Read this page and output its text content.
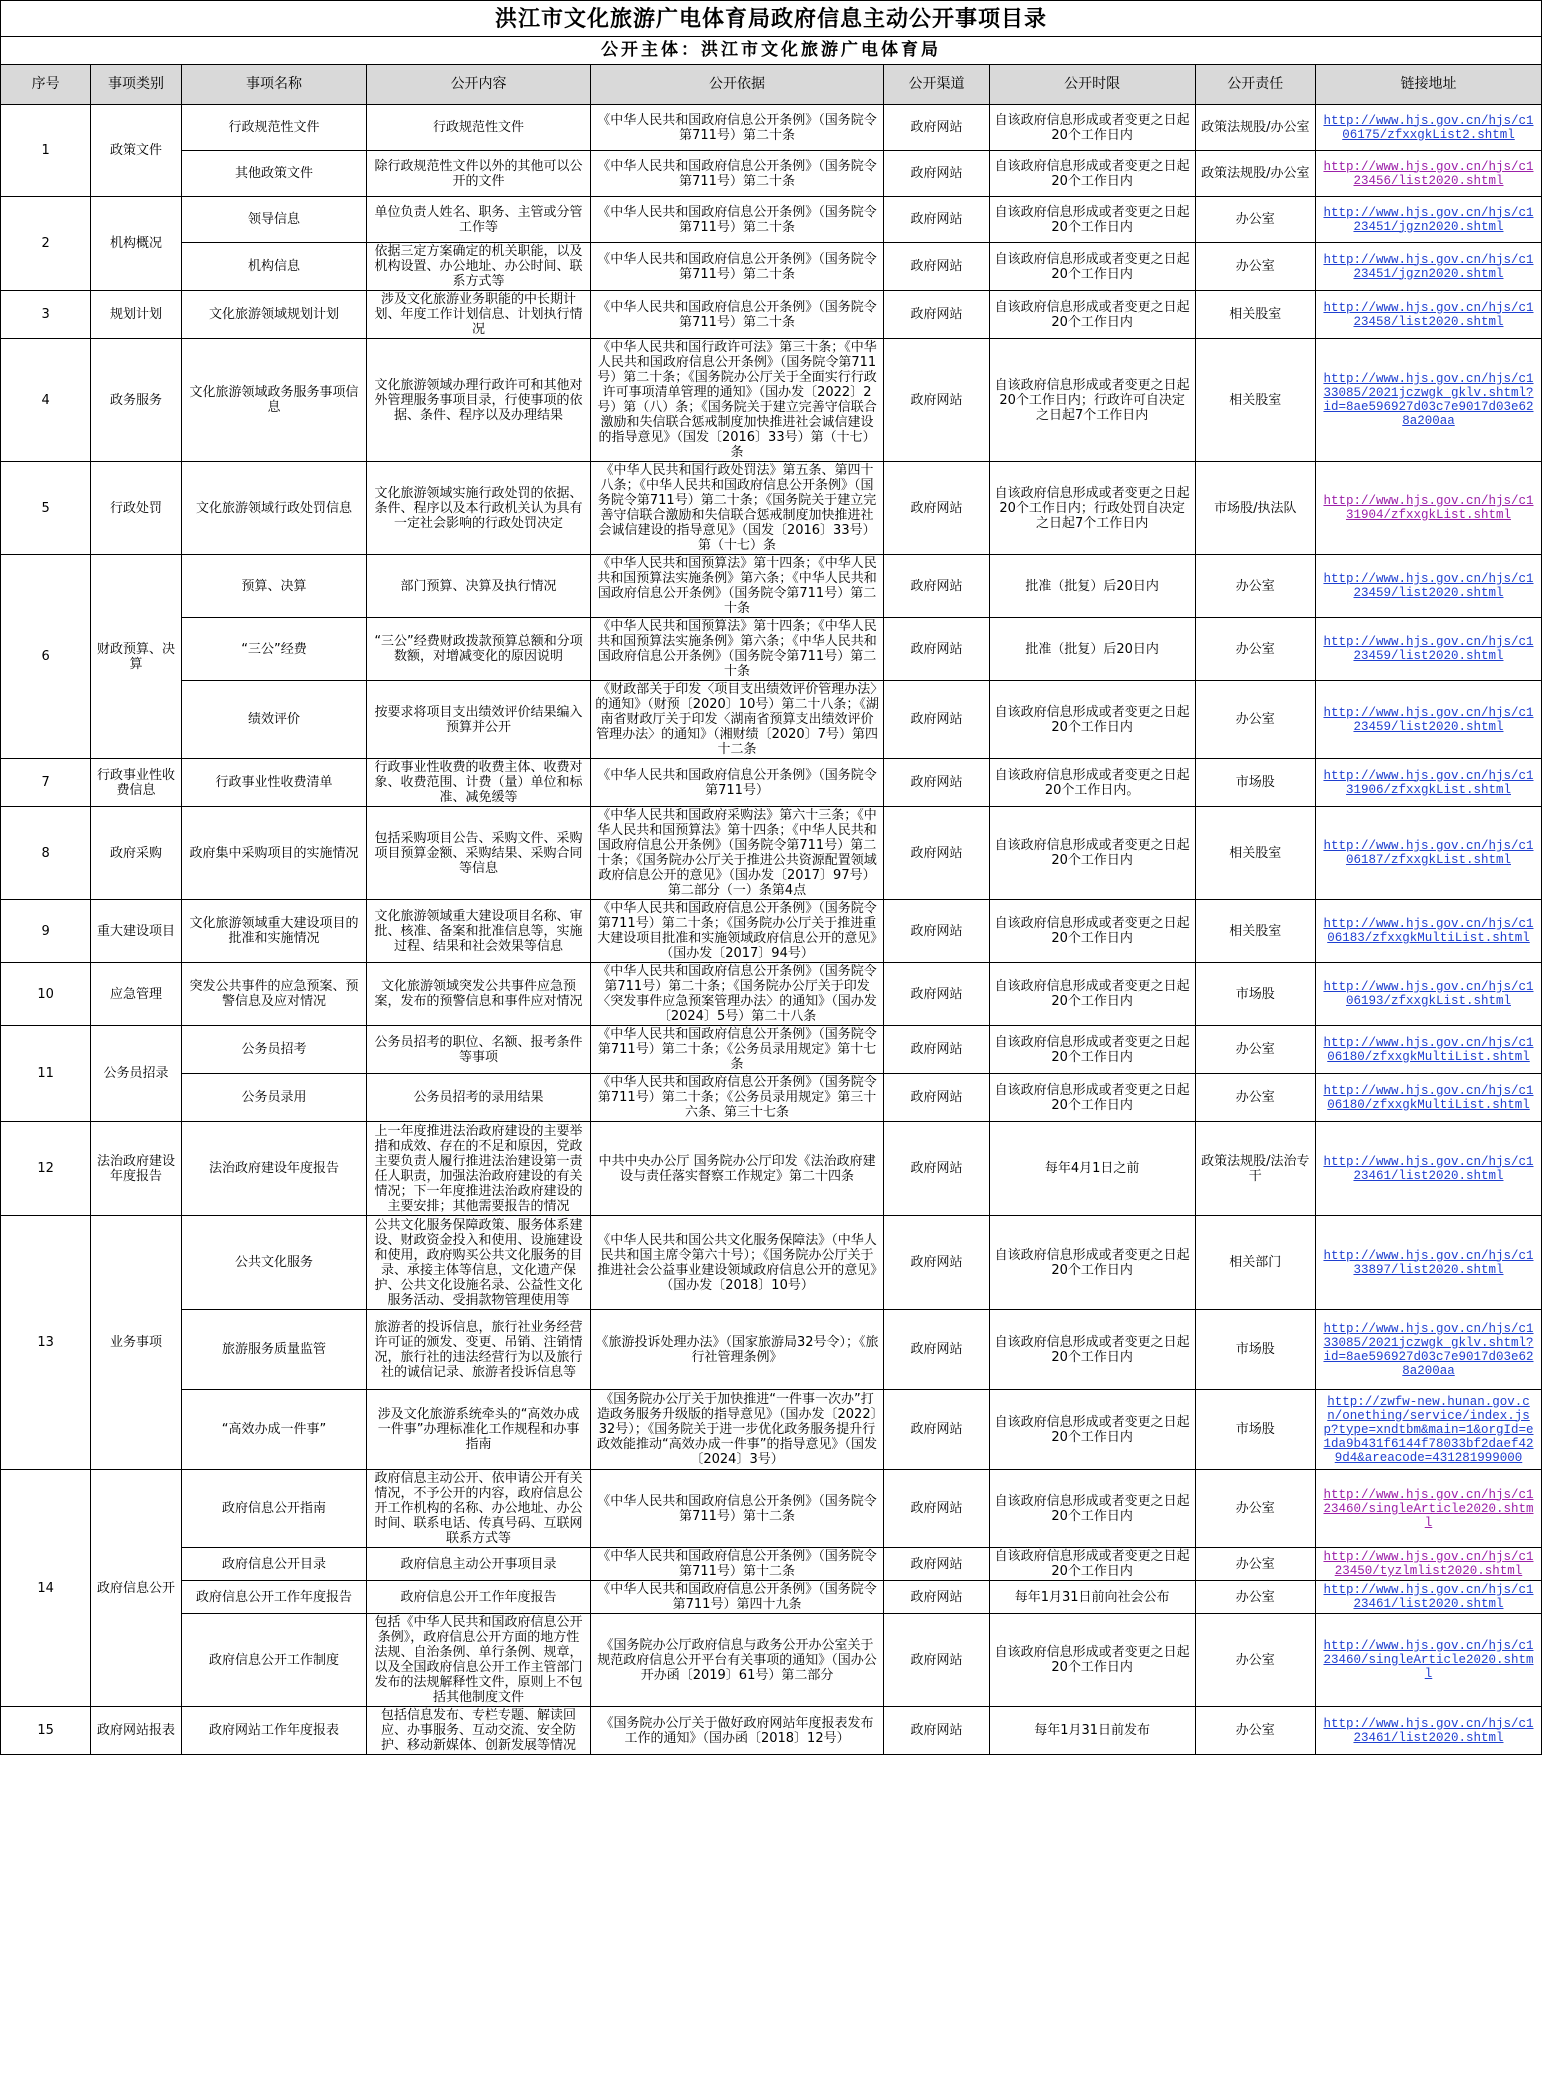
洪江市文化旅游广电体育局政府信息主动公开事项目录								
公开主体：洪江市文化旅游广电体育局								
序号	事项类别	事项名称	公开内容	公开依据	公开渠道	公开时限	公开责任	链接地址
1	政策文件	行政规范性文件	行政规范性文件	《中华人民共和国政府信息公开条例》（国务院令第711号）第二十条	政府网站	自该政府信息形成或者变更之日起20个工作日内	政策法规股/办公室	http://www.hjs.gov.cn/hjs/c106175/zfxxgkList2.shtml
		其他政策文件	除行政规范性文件以外的其他可以公开的文件	《中华人民共和国政府信息公开条例》（国务院令第711号）第二十条	政府网站	自该政府信息形成或者变更之日起20个工作日内	政策法规股/办公室	http://www.hjs.gov.cn/hjs/c123456/list2020.shtml
2	机构概况	领导信息	单位负责人姓名、职务、主管或分管工作等	《中华人民共和国政府信息公开条例》（国务院令第711号）第二十条	政府网站	自该政府信息形成或者变更之日起20个工作日内	办公室	http://www.hjs.gov.cn/hjs/c123451/jgzn2020.shtml
		机构信息	依据三定方案确定的机关职能，以及机构设置、办公地址、办公时间、联系方式等	《中华人民共和国政府信息公开条例》（国务院令第711号）第二十条	政府网站	自该政府信息形成或者变更之日起20个工作日内	办公室	http://www.hjs.gov.cn/hjs/c123451/jgzn2020.shtml
3	规划计划	文化旅游领域规划计划	涉及文化旅游业务职能的中长期计划、年度工作计划信息、计划执行情况	《中华人民共和国政府信息公开条例》（国务院令第711号）第二十条	政府网站	自该政府信息形成或者变更之日起20个工作日内	相关股室	http://www.hjs.gov.cn/hjs/c123458/list2020.shtml
4	政务服务	文化旅游领域政务服务事项信息	文化旅游领域办理行政许可和其他对外管理服务事项目录，行使事项的依据、条件、程序以及办理结果	《中华人民共和国行政许可法》第三十条；《中华人民共和国政府信息公开条例》（国务院令第711号）第二十条；《国务院办公厅关于全面实行行政许可事项清单管理的通知》（国办发〔2022〕2号）第（八）条；《国务院关于建立完善守信联合激励和失信联合惩戒制度加快推进社会诚信建设的指导意见》（国发〔2016〕33号）第（十七）条	政府网站	自该政府信息形成或者变更之日起20个工作日内；行政许可自决定之日起7个工作日内	相关股室	http://www.hjs.gov.cn/hjs/c133085/2021jczwgk_gklv.shtml?id=8ae596927d03c7e9017d03e628a200aa
5	行政处罚	文化旅游领域行政处罚信息	文化旅游领域实施行政处罚的依据、条件、程序以及本行政机关认为具有一定社会影响的行政处罚决定	《中华人民共和国行政处罚法》第五条、第四十八条；《中华人民共和国政府信息公开条例》（国务院令第711号）第二十条；《国务院关于建立完善守信联合激励和失信联合惩戒制度加快推进社会诚信建设的指导意见》（国发〔2016〕33号）第（十七）条	政府网站	自该政府信息形成或者变更之日起20个工作日内；行政处罚自决定之日起7个工作日内	市场股/执法队	http://www.hjs.gov.cn/hjs/c131904/zfxxgkList.shtml
6	财政预算、决算	预算、决算	部门预算、决算及执行情况	《中华人民共和国预算法》第十四条；《中华人民共和国预算法实施条例》第六条；《中华人民共和国政府信息公开条例》（国务院令第711号）第二十条	政府网站	批准（批复）后20日内	办公室	http://www.hjs.gov.cn/hjs/c123459/list2020.shtml
		“三公”经费	“三公”经费财政拨款预算总额和分项数额，对增减变化的原因说明	《中华人民共和国预算法》第十四条；《中华人民共和国预算法实施条例》第六条；《中华人民共和国政府信息公开条例》（国务院令第711号）第二十条	政府网站	批准（批复）后20日内	办公室	http://www.hjs.gov.cn/hjs/c123459/list2020.shtml
		绩效评价	按要求将项目支出绩效评价结果编入预算并公开	《财政部关于印发〈项目支出绩效评价管理办法〉的通知》（财预〔2020〕10号）第二十八条；《湖南省财政厅关于印发〈湖南省预算支出绩效评价管理办法〉的通知》（湘财绩〔2020〕7号）第四十二条	政府网站	自该政府信息形成或者变更之日起20个工作日内	办公室	http://www.hjs.gov.cn/hjs/c123459/list2020.shtml
7	行政事业性收费信息	行政事业性收费清单	行政事业性收费的收费主体、收费对象、收费范围、计费（量）单位和标准、减免缓等	《中华人民共和国政府信息公开条例》（国务院令第711号）	政府网站	自该政府信息形成或者变更之日起20个工作日内。	市场股	http://www.hjs.gov.cn/hjs/c131906/zfxxgkList.shtml
8	政府采购	政府集中采购项目的实施情况	包括采购项目公告、采购文件、采购项目预算金额、采购结果、采购合同等信息	《中华人民共和国政府采购法》第六十三条；《中华人民共和国预算法》第十四条；《中华人民共和国政府信息公开条例》（国务院令第711号）第二十条；《国务院办公厅关于推进公共资源配置领域政府信息公开的意见》（国办发〔2017〕97号）第二部分（一）条第4点	政府网站	自该政府信息形成或者变更之日起20个工作日内	相关股室	http://www.hjs.gov.cn/hjs/c106187/zfxxgkList.shtml
9	重大建设项目	文化旅游领域重大建设项目的批准和实施情况	文化旅游领域重大建设项目名称、审批、核准、备案和批准信息等，实施过程、结果和社会效果等信息	《中华人民共和国政府信息公开条例》（国务院令第711号）第二十条；《国务院办公厅关于推进重大建设项目批准和实施领域政府信息公开的意见》（国办发〔2017〕94号）	政府网站	自该政府信息形成或者变更之日起20个工作日内	相关股室	http://www.hjs.gov.cn/hjs/c106183/zfxxgkMultiList.shtml
10	应急管理	突发公共事件的应急预案、预警信息及应对情况	文化旅游领域突发公共事件应急预案，发布的预警信息和事件应对情况	《中华人民共和国政府信息公开条例》（国务院令第711号）第二十条；《国务院办公厅关于印发〈突发事件应急预案管理办法〉的通知》（国办发〔2024〕5号）第二十八条	政府网站	自该政府信息形成或者变更之日起20个工作日内	市场股	http://www.hjs.gov.cn/hjs/c106193/zfxxgkList.shtml
11	公务员招录	公务员招考	公务员招考的职位、名额、报考条件等事项	《中华人民共和国政府信息公开条例》（国务院令第711号）第二十条；《公务员录用规定》第十七条	政府网站	自该政府信息形成或者变更之日起20个工作日内	办公室	http://www.hjs.gov.cn/hjs/c106180/zfxxgkMultiList.shtml
		公务员录用	公务员招考的录用结果	《中华人民共和国政府信息公开条例》（国务院令第711号）第二十条；《公务员录用规定》第三十六条、第三十七条	政府网站	自该政府信息形成或者变更之日起20个工作日内	办公室	http://www.hjs.gov.cn/hjs/c106180/zfxxgkMultiList.shtml
12	法治政府建设年度报告	法治政府建设年度报告	上一年度推进法治政府建设的主要举措和成效、存在的不足和原因，党政主要负责人履行推进法治建设第一责任人职责，加强法治政府建设的有关情况；下一年度推进法治政府建设的主要安排；其他需要报告的情况	中共中央办公厅 国务院办公厅印发《法治政府建设与责任落实督察工作规定》第二十四条	政府网站	每年4月1日之前	政策法规股/法治专干	http://www.hjs.gov.cn/hjs/c123461/list2020.shtml
13	业务事项	公共文化服务	公共文化服务保障政策、服务体系建设、财政资金投入和使用、设施建设和使用，政府购买公共文化服务的目录、承接主体等信息，文化遗产保护、公共文化设施名录、公益性文化服务活动、受捐款物管理使用等	《中华人民共和国公共文化服务保障法》（中华人民共和国主席令第六十号）；《国务院办公厅关于推进社会公益事业建设领域政府信息公开的意见》（国办发〔2018〕10号）	政府网站	自该政府信息形成或者变更之日起20个工作日内	相关部门	http://www.hjs.gov.cn/hjs/c133897/list2020.shtml
		旅游服务质量监管	旅游者的投诉信息，旅行社业务经营许可证的颁发、变更、吊销、注销情况，旅行社的违法经营行为以及旅行社的诚信记录、旅游者投诉信息等	《旅游投诉处理办法》（国家旅游局32号令）；《旅行社管理条例》	政府网站	自该政府信息形成或者变更之日起20个工作日内	市场股	http://www.hjs.gov.cn/hjs/c133085/2021jczwgk_gklv.shtml?id=8ae596927d03c7e9017d03e628a200aa
		“高效办成一件事”	涉及文化旅游系统牵头的“高效办成一件事”办理标准化工作规程和办事指南	《国务院办公厅关于加快推进“一件事一次办”打造政务服务升级版的指导意见》（国办发〔2022〕32号）；《国务院关于进一步优化政务服务提升行政效能推动“高效办成一件事”的指导意见》（国发〔2024〕3号）	政府网站	自该政府信息形成或者变更之日起20个工作日内	市场股	http://zwfw-new.hunan.gov.cn/onething/service/index.jsp?type=xndtbm&main=1&orgId=e1da9b431f6144f78033bf2daef429d4&areacode=431281999000
14	政府信息公开	政府信息公开指南	政府信息主动公开、依申请公开有关情况，不予公开的内容，政府信息公开工作机构的名称、办公地址、办公时间、联系电话、传真号码、互联网联系方式等	《中华人民共和国政府信息公开条例》（国务院令第711号）第十二条	政府网站	自该政府信息形成或者变更之日起20个工作日内	办公室	http://www.hjs.gov.cn/hjs/c123460/singleArticle2020.shtml
		政府信息公开目录	政府信息主动公开事项目录	《中华人民共和国政府信息公开条例》（国务院令第711号）第十二条	政府网站	自该政府信息形成或者变更之日起20个工作日内	办公室	http://www.hjs.gov.cn/hjs/c123450/tyzlmlist2020.shtml
		政府信息公开工作年度报告	政府信息公开工作年度报告	《中华人民共和国政府信息公开条例》（国务院令第711号）第四十九条	政府网站	每年1月31日前向社会公布	办公室	http://www.hjs.gov.cn/hjs/c123461/list2020.shtml
		政府信息公开工作制度	包括《中华人民共和国政府信息公开条例》，政府信息公开方面的地方性法规、自治条例、单行条例、规章，以及全国政府信息公开工作主管部门发布的法规解释性文件，原则上不包括其他制度文件	《国务院办公厅政府信息与政务公开办公室关于规范政府信息公开平台有关事项的通知》（国办公开办函〔2019〕61号）第二部分	政府网站	自该政府信息形成或者变更之日起20个工作日内	办公室	http://www.hjs.gov.cn/hjs/c123460/singleArticle2020.shtml
15	政府网站报表	政府网站工作年度报表	包括信息发布、专栏专题、解读回应、办事服务、互动交流、安全防护、移动新媒体、创新发展等情况	《国务院办公厅关于做好政府网站年度报表发布工作的通知》（国办函〔2018〕12号）	政府网站	每年1月31日前发布	办公室	http://www.hjs.gov.cn/hjs/c123461/list2020.shtml
